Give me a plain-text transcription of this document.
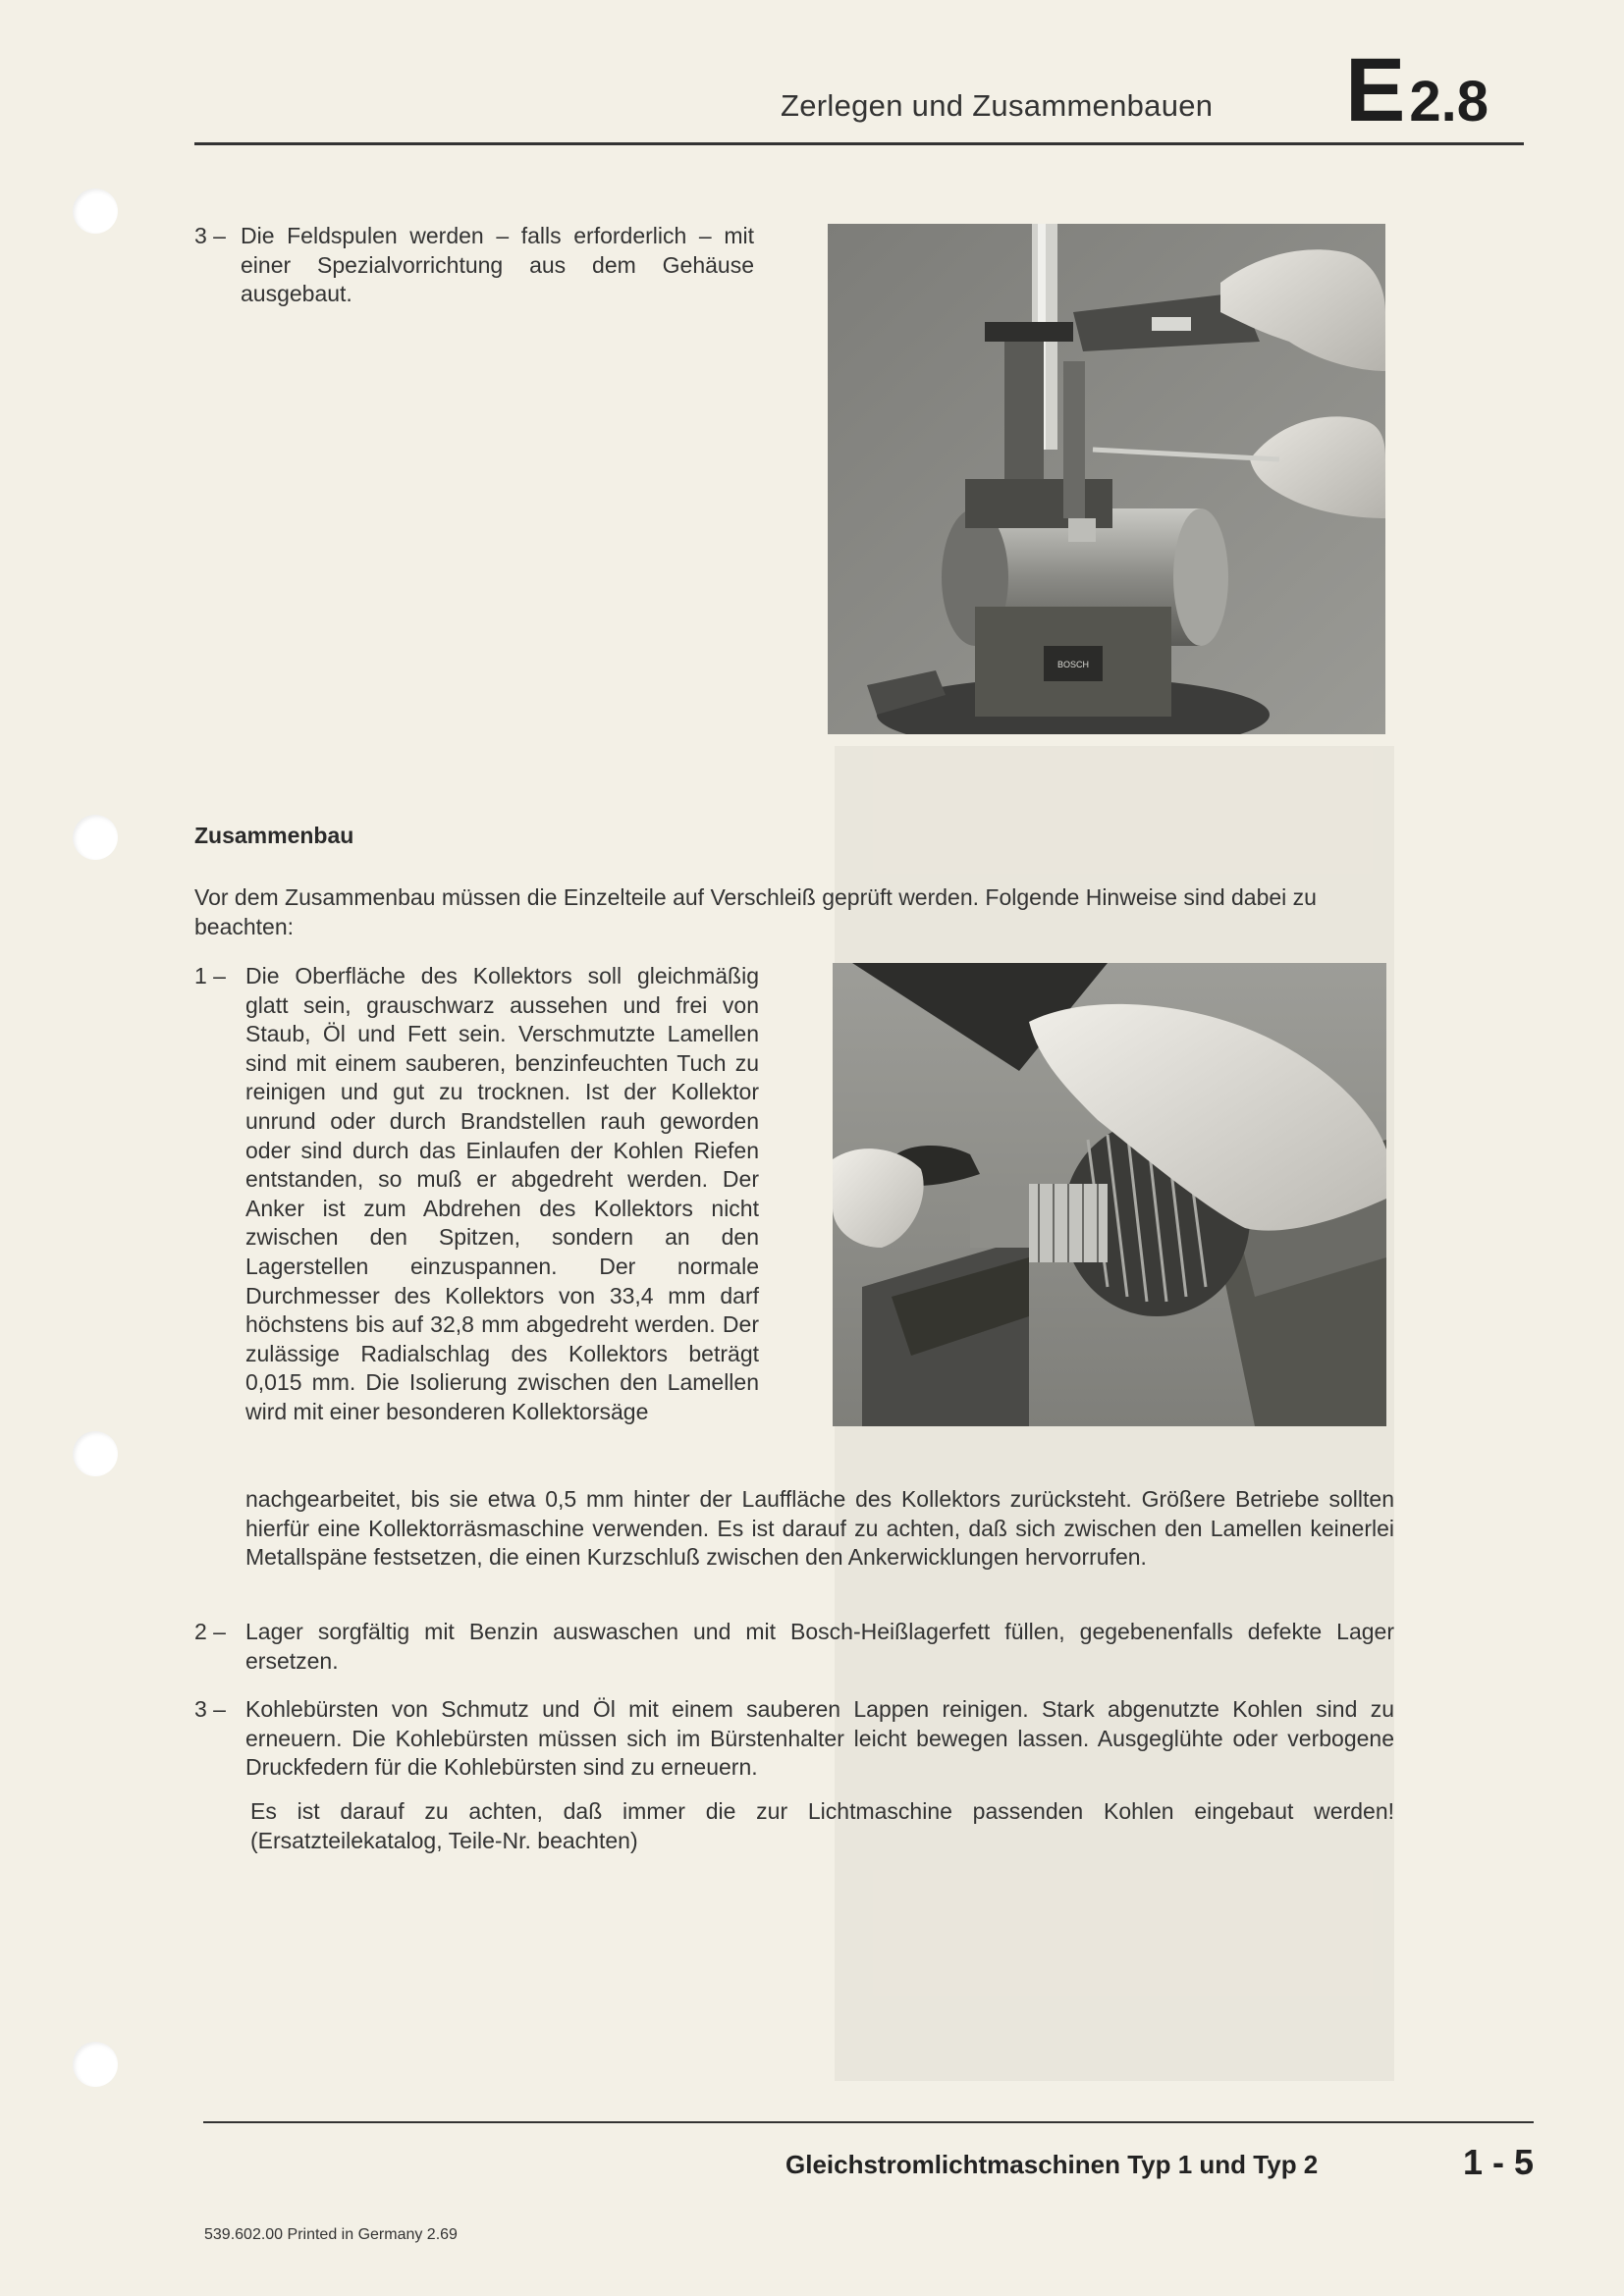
Zerlegen und Zusammenbauen E 2.8
3 – Die Feldspulen werden – falls erforderlich – mit einer Spezialvorrichtung aus dem Gehäuse ausgebaut.
BOSCH
Zusammenbau
Vor dem Zusammenbau müssen die Einzelteile auf Verschleiß geprüft werden. Folgende Hinweise sind dabei zu beachten:
1 – Die Oberfläche des Kollektors soll gleichmäßig glatt sein, grauschwarz aussehen und frei von Staub, Öl und Fett sein. Verschmutzte Lamellen sind mit einem sauberen, benzinfeuchten Tuch zu reinigen und gut zu trocknen. Ist der Kollektor unrund oder durch Brandstellen rauh geworden oder sind durch das Einlaufen der Kohlen Riefen entstanden, so muß er abgedreht werden. Der Anker ist zum Abdrehen des Kollektors nicht zwischen den Spitzen, sondern an den Lagerstellen einzuspannen. Der normale Durchmesser des Kollektors von 33,4 mm darf höchstens bis auf 32,8 mm abgedreht werden. Der zulässige Radialschlag des Kollektors beträgt 0,015 mm. Die Isolierung zwischen den Lamellen wird mit einer besonderen Kollektorsäge
nachgearbeitet, bis sie etwa 0,5 mm hinter der Lauffläche des Kollektors zurücksteht. Größere Betriebe sollten hierfür eine Kollektorräsmaschine verwenden. Es ist darauf zu achten, daß sich zwischen den Lamellen keinerlei Metallspäne festsetzen, die einen Kurzschluß zwischen den Ankerwicklungen hervorrufen.
2 – Lager sorgfältig mit Benzin auswaschen und mit Bosch-Heißlagerfett füllen, gegebenenfalls defekte Lager ersetzen.
3 – Kohlebürsten von Schmutz und Öl mit einem sauberen Lappen reinigen. Stark abgenutzte Kohlen sind zu erneuern. Die Kohlebürsten müssen sich im Bürstenhalter leicht bewegen lassen. Ausgeglühte oder verbogene Druckfedern für die Kohlebürsten sind zu erneuern.
Es ist darauf zu achten, daß immer die zur Lichtmaschine passenden Kohlen eingebaut werden! (Ersatzteilekatalog, Teile-Nr. beachten)
Gleichstromlichtmaschinen Typ 1 und Typ 2	1 - 5
539.602.00 Printed in Germany 2.69
